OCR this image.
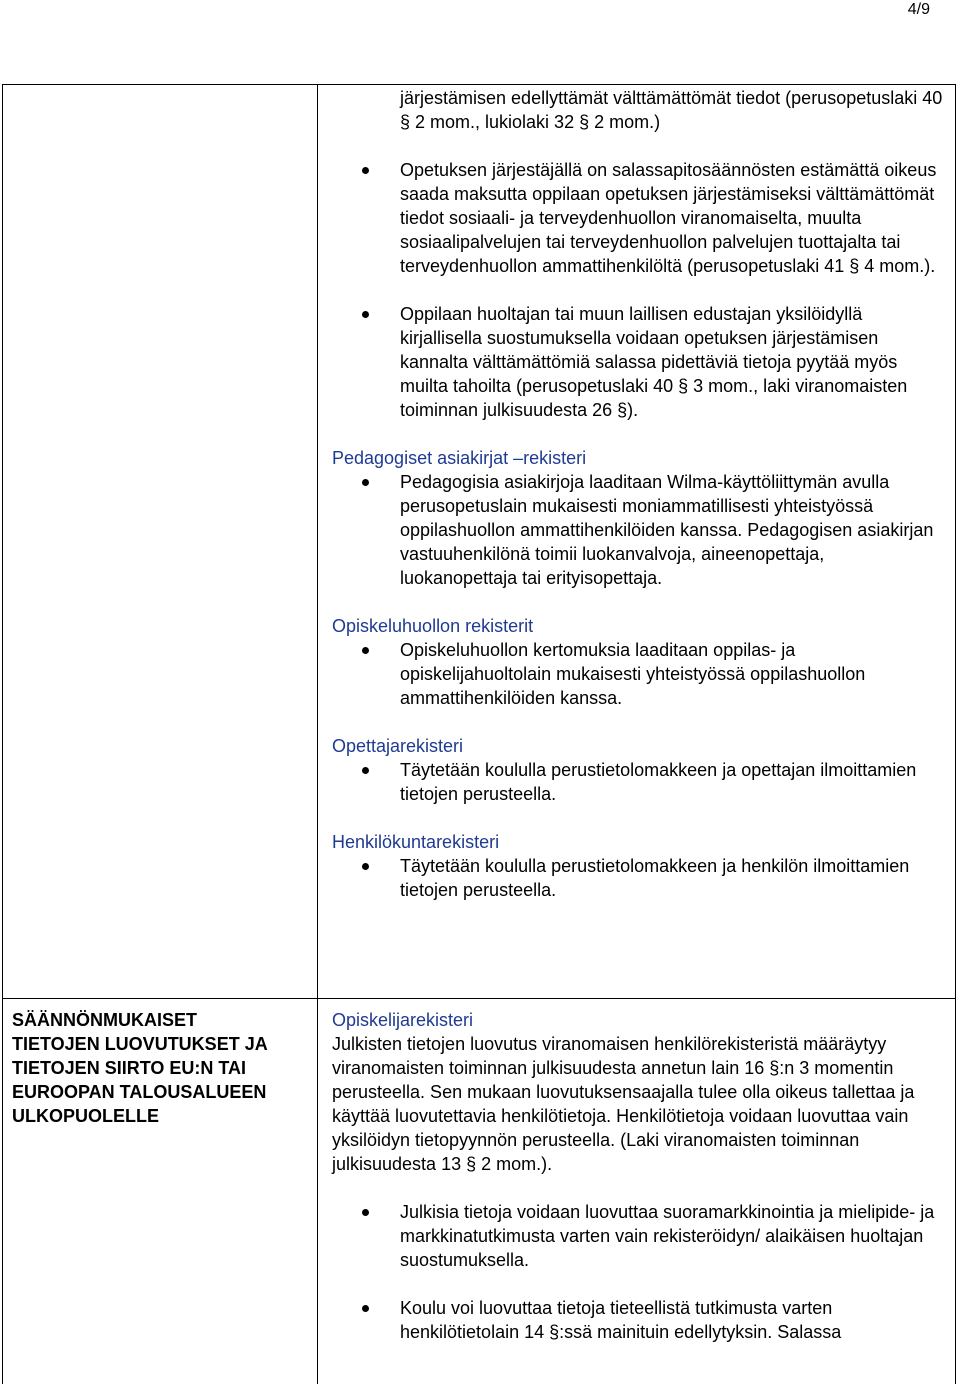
4/9
SÄÄNNÖNMUKAISET
TIETOJEN LUOVUTUKSET JA
TIETOJEN SIIRTO EU:N TAI
EUROOPAN TALOUSALUEEN
ULKOPUOLELLE

järjestämisen edellyttämät välttämättömät tiedot (perusopetuslaki 40 § 2 mom., lukiolaki 32 § 2 mom.)

Opetuksen järjestäjällä on salassapitosäännösten estämättä oikeus saada maksutta oppilaan opetuksen järjestämiseksi välttämättömät tiedot sosiaali- ja terveydenhuollon viranomaiselta, muulta sosiaalipalvelujen tai terveydenhuollon palvelujen tuottajalta tai terveydenhuollon ammattihenkilöltä (perusopetuslaki 41 § 4 mom.).
Oppilaan huoltajan tai muun laillisen edustajan yksilöidyllä kirjallisella suostumuksella voidaan opetuksen järjestämisen kannalta välttämättömiä salassa pidettäviä tietoja pyytää myös muilta tahoilta (perusopetuslaki 40 § 3 mom., laki viranomaisten toiminnan julkisuudesta 26 §).

Pedagogiset asiakirjat –rekisteri

Pedagogisia asiakirjoja laaditaan Wilma-käyttöliittymän avulla perusopetuslain mukaisesti moniammatillisesti yhteistyössä oppilashuollon ammattihenkilöiden kanssa. Pedagogisen asiakirjan vastuuhenkilönä toimii luokanvalvoja, aineenopettaja, luokanopettaja tai erityisopettaja.

Opiskeluhuollon rekisterit

Opiskeluhuollon kertomuksia laaditaan oppilas- ja opiskelijahuoltolain mukaisesti yhteistyössä oppilashuollon ammattihenkilöiden kanssa.

Opettajarekisteri

Täytetään koululla perustietolomakkeen ja opettajan ilmoittamien tietojen perusteella.

Henkilökuntarekisteri

Täytetään koululla perustietolomakkeen ja henkilön ilmoittamien tietojen perusteella.

Opiskelijarekisteri

Julkisten tietojen luovutus viranomaisen henkilörekisteristä määräytyy viranomaisten toiminnan julkisuudesta annetun lain 16 §:n 3 momentin perusteella. Sen mukaan luovutuksensaajalla tulee olla oikeus tallettaa ja käyttää luovutettavia henkilötietoja. Henkilötietoja voidaan luovuttaa vain yksilöidyn tietopyynnön perusteella. (Laki viranomaisten toiminnan julkisuudesta 13 § 2 mom.).

Julkisia tietoja voidaan luovuttaa suoramarkkinointia ja mielipide- ja markkinatutkimusta varten vain rekisteröidyn/ alaikäisen huoltajan suostumuksella.
Koulu voi luovuttaa tietoja tieteellistä tutkimusta varten henkilötietolain 14 §:ssä mainituin edellytyksin. Salassa
